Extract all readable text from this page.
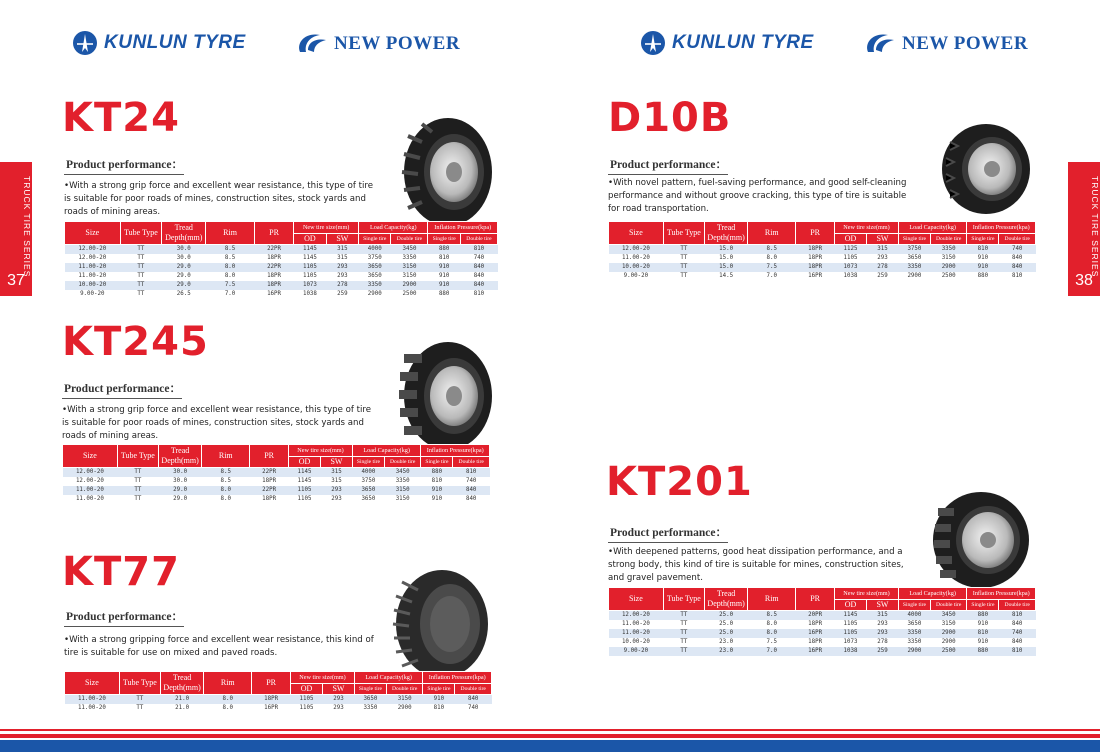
KUNLUN TYRE	NEW POWER	KUNLUN TYRE	NEW POWER
TRUCK TIRE SERIES
37
TRUCK TIRE SERIES
38
KT24
Product performance：
•With a strong grip force and excellent wear resistance, this type of tire is suitable for poor roads of mines, construction sites, stock yards and roads of mining areas.
Size	Tube Type	Tread Depth(mm)	Rim	PR	New tire size(mm)		Load Capacity(kg)		Inflation Pressure(kpa)	
					OD	SW	Single tire	Double tire	Single tire	Double tire
12.00-20	TT	30.0	8.5	22PR	1145	315	4000	3450	880	810
12.00-20	TT	30.0	8.5	18PR	1145	315	3750	3350	810	740
11.00-20	TT	29.0	8.0	22PR	1105	293	3650	3150	910	840
11.00-20	TT	29.0	8.0	18PR	1105	293	3650	3150	910	840
10.00-20	TT	29.0	7.5	18PR	1073	278	3350	2900	910	840
9.00-20	TT	26.5	7.0	16PR	1038	259	2900	2500	880	810
KT245
Product performance：
•With a strong grip force and excellent wear resistance, this type of tire is suitable for poor roads of mines, construction sites, stock yards and roads of mining areas.
Size	Tube Type	Tread Depth(mm)	Rim	PR	New tire size(mm)		Load Capacity(kg)		Inflation Pressure(kpa)	
					OD	SW	Single tire	Double tire	Single tire	Double tire
12.00-20	TT	30.0	8.5	22PR	1145	315	4000	3450	880	810
12.00-20	TT	30.0	8.5	18PR	1145	315	3750	3350	810	740
11.00-20	TT	29.0	8.0	22PR	1105	293	3650	3150	910	840
11.00-20	TT	29.0	8.0	18PR	1105	293	3650	3150	910	840
KT77
Product performance：
•With a strong gripping force and excellent wear resistance, this kind of tire is suitable for use on mixed and paved roads.
Size	Tube Type	Tread Depth(mm)	Rim	PR	New tire size(mm)		Load Capacity(kg)		Inflation Pressure(kpa)	
					OD	SW	Single tire	Double tire	Single tire	Double tire
11.00-20	TT	21.0	8.0	18PR	1105	293	3650	3150	910	840
11.00-20	TT	21.0	8.0	16PR	1105	293	3350	2900	810	740
D10B
Product performance：
•With novel pattern, fuel-saving performance, and good self-cleaning performance and without groove cracking, this type of tire is suitable for road transportation.
Size	Tube Type	Tread Depth(mm)	Rim	PR	New tire size(mm)		Load Capacity(kg)		Inflation Pressure(kpa)	
					OD	SW	Single tire	Double tire	Single tire	Double tire
12.00-20	TT	15.0	8.5	18PR	1125	315	3750	3350	810	740
11.00-20	TT	15.0	8.0	18PR	1105	293	3650	3150	910	840
10.00-20	TT	15.0	7.5	18PR	1073	278	3350	2900	910	840
9.00-20	TT	14.5	7.0	16PR	1038	259	2900	2500	880	810
KT201
Product performance：
•With deepened patterns, good heat dissipation performance, and a strong body, this kind of tire is suitable for mines, construction sites, and gravel pavement.
Size	Tube Type	Tread Depth(mm)	Rim	PR	New tire size(mm)		Load Capacity(kg)		Inflation Pressure(kpa)	
					OD	SW	Single tire	Double tire	Single tire	Double tire
12.00-20	TT	25.0	8.5	20PR	1145	315	4000	3450	880	810
11.00-20	TT	25.0	8.0	18PR	1105	293	3650	3150	910	840
11.00-20	TT	25.0	8.0	16PR	1105	293	3350	2900	810	740
10.00-20	TT	23.0	7.5	18PR	1073	278	3350	2900	910	840
9.00-20	TT	23.0	7.0	16PR	1038	259	2900	2500	880	810
